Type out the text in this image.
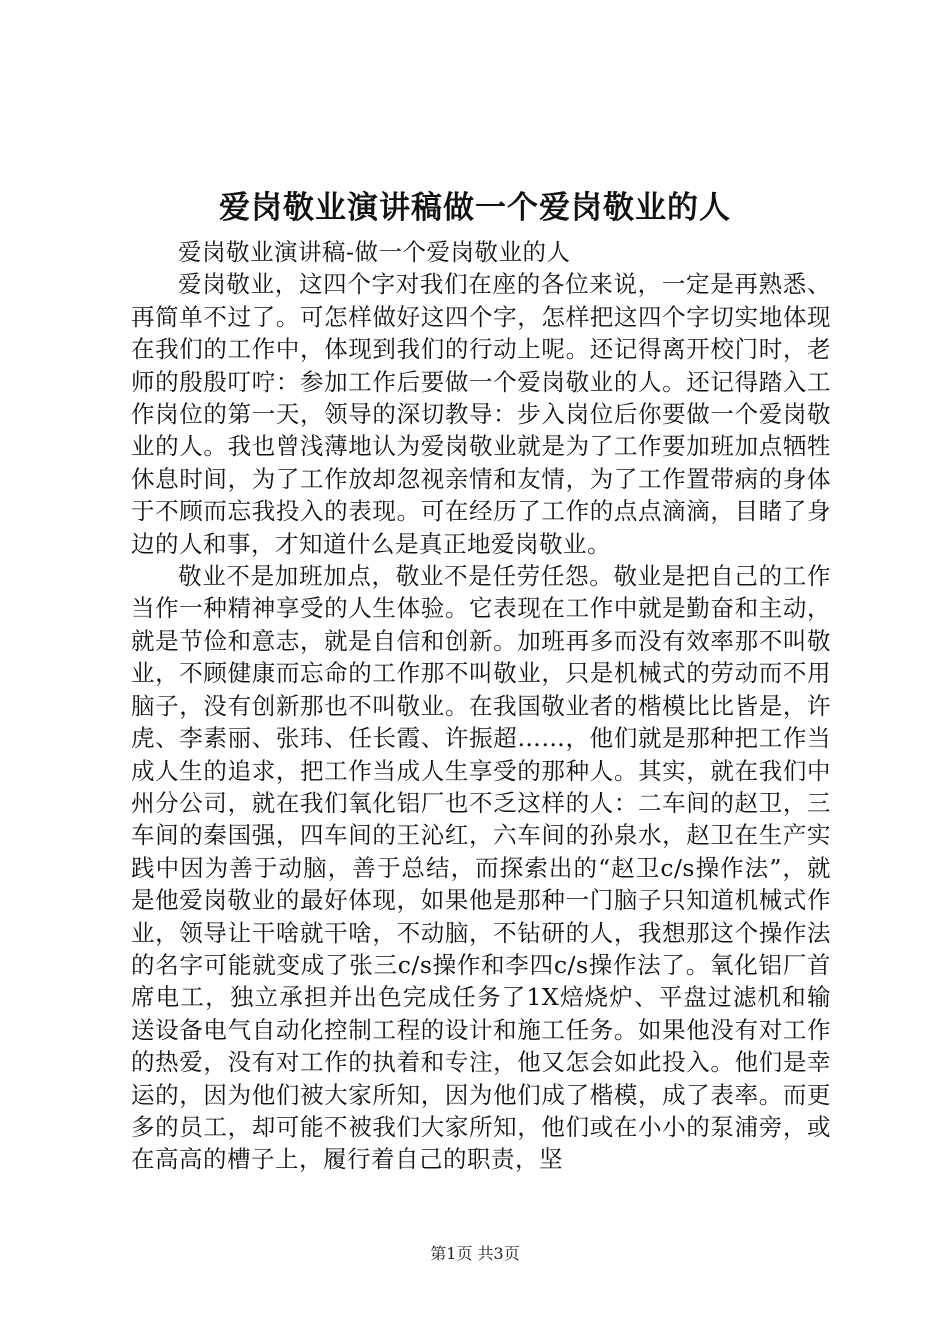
爱岗敬业演讲稿做一个爱岗敬业的人

爱岗敬业演讲稿-做一个爱岗敬业的人

爱岗敬业，这四个字对我们在座的各位来说，一定是再熟悉、再简单不过了。可怎样做好这四个字，怎样把这四个字切实地体现在我们的工作中，体现到我们的行动上呢。还记得离开校门时，老师的殷殷叮咛：参加工作后要做一个爱岗敬业的人。还记得踏入工作岗位的第一天，领导的深切教导：步入岗位后你要做一个爱岗敬业的人。我也曾浅薄地认为爱岗敬业就是为了工作要加班加点牺牲休息时间，为了工作放却忽视亲情和友情，为了工作置带病的身体于不顾而忘我投入的表现。可在经历了工作的点点滴滴，目睹了身边的人和事，才知道什么是真正地爱岗敬业。

敬业不是加班加点，敬业不是任劳任怨。敬业是把自己的工作当作一种精神享受的人生体验。它表现在工作中就是勤奋和主动，就是节俭和意志，就是自信和创新。加班再多而没有效率那不叫敬业，不顾健康而忘命的工作那不叫敬业，只是机械式的劳动而不用脑子，没有创新那也不叫敬业。在我国敬业者的楷模比比皆是，许虎、李素丽、张玮、任长霞、许振超……，他们就是那种把工作当成人生的追求，把工作当成人生享受的那种人。其实，就在我们中州分公司，就在我们氧化铝厂也不乏这样的人：二车间的赵卫，三车间的秦国强，四车间的王沁红，六车间的孙泉水，赵卫在生产实践中因为善于动脑，善于总结，而探索出的“赵卫c/s操作法”，就是他爱岗敬业的最好体现，如果他是那种一门脑子只知道机械式作业，领导让干啥就干啥，不动脑，不钻研的人，我想那这个操作法的名字可能就变成了张三c/s操作和李四c/s操作法了。氧化铝厂首席电工，独立承担并出色完成任务了1X焙烧炉、平盘过滤机和输送设备电气自动化控制工程的设计和施工任务。如果他没有对工作的热爱，没有对工作的执着和专注，他又怎会如此投入。他们是幸运的，因为他们被大家所知，因为他们成了楷模，成了表率。而更多的员工，却可能不被我们大家所知，他们或在小小的泵浦旁，或在高高的槽子上，履行着自己的职责，坚

第1页 共3页
